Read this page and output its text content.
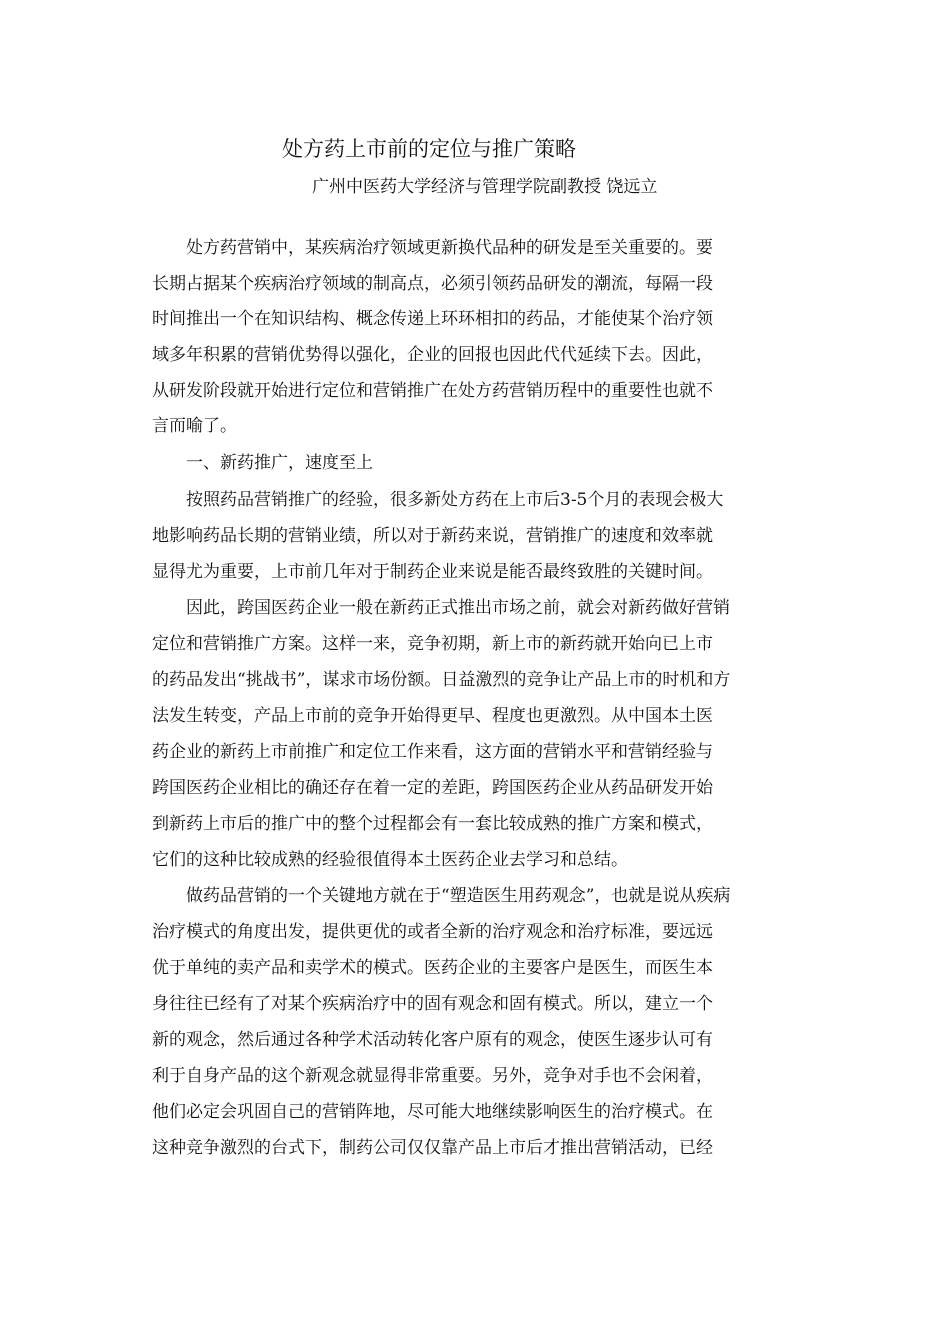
处方药上市前的定位与推广策略

广州中医药大学经济与管理学院副教授 饶远立

处方药营销中，某疾病治疗领域更新换代品种的研发是至关重要的。要

长期占据某个疾病治疗领域的制高点，必须引领药品研发的潮流，每隔一段

时间推出一个在知识结构、概念传递上环环相扣的药品，才能使某个治疗领

域多年积累的营销优势得以强化，企业的回报也因此代代延续下去。因此，

从研发阶段就开始进行定位和营销推广在处方药营销历程中的重要性也就不

言而喻了。

一、新药推广，速度至上

按照药品营销推广的经验，很多新处方药在上市后3-5个月的表现会极大

地影响药品长期的营销业绩，所以对于新药来说，营销推广的速度和效率就

显得尤为重要，上市前几年对于制药企业来说是能否最终致胜的关键时间。

因此，跨国医药企业一般在新药正式推出市场之前，就会对新药做好营销

定位和营销推广方案。这样一来，竞争初期，新上市的新药就开始向已上市

的药品发出“挑战书”，谋求市场份额。日益激烈的竞争让产品上市的时机和方

法发生转变，产品上市前的竞争开始得更早、程度也更激烈。从中国本土医

药企业的新药上市前推广和定位工作来看，这方面的营销水平和营销经验与

跨国医药企业相比的确还存在着一定的差距，跨国医药企业从药品研发开始

到新药上市后的推广中的整个过程都会有一套比较成熟的推广方案和模式，

它们的这种比较成熟的经验很值得本土医药企业去学习和总结。

做药品营销的一个关键地方就在于“塑造医生用药观念”，也就是说从疾病

治疗模式的角度出发，提供更优的或者全新的治疗观念和治疗标准，要远远

优于单纯的卖产品和卖学术的模式。医药企业的主要客户是医生，而医生本

身往往已经有了对某个疾病治疗中的固有观念和固有模式。所以，建立一个

新的观念，然后通过各种学术活动转化客户原有的观念，使医生逐步认可有

利于自身产品的这个新观念就显得非常重要。另外，竞争对手也不会闲着，

他们必定会巩固自己的营销阵地，尽可能大地继续影响医生的治疗模式。在

这种竞争激烈的台式下，制药公司仅仅靠产品上市后才推出营销活动，已经
